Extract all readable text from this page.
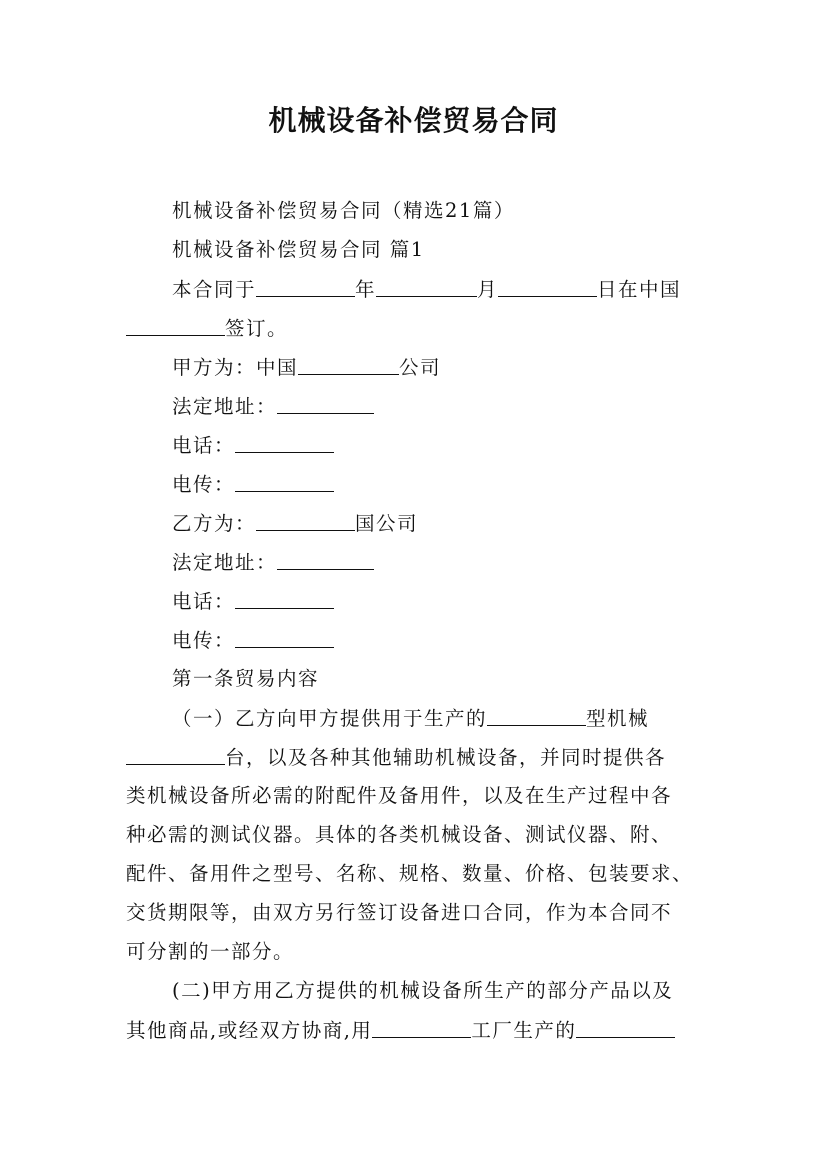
机械设备补偿贸易合同
机械设备补偿贸易合同（精选21篇）
机械设备补偿贸易合同 篇1
本合同于	年	月	日在中国
签订。
甲方为：中国	公司
法定地址：
电话：
电传：
乙方为：	国公司
法定地址：
电话：
电传：
第一条贸易内容
（一）乙方向甲方提供用于生产的	型机械
台，以及各种其他辅助机械设备，并同时提供各
类机械设备所必需的附配件及备用件，以及在生产过程中各
种必需的测试仪器。具体的各类机械设备、测试仪器、附、
配件、备用件之型号、名称、规格、数量、价格、包装要求、
交货期限等，由双方另行签订设备进口合同，作为本合同不
可分割的一部分。
(二)甲方用乙方提供的机械设备所生产的部分产品以及
其他商品,或经双方协商,用	工厂生产的
